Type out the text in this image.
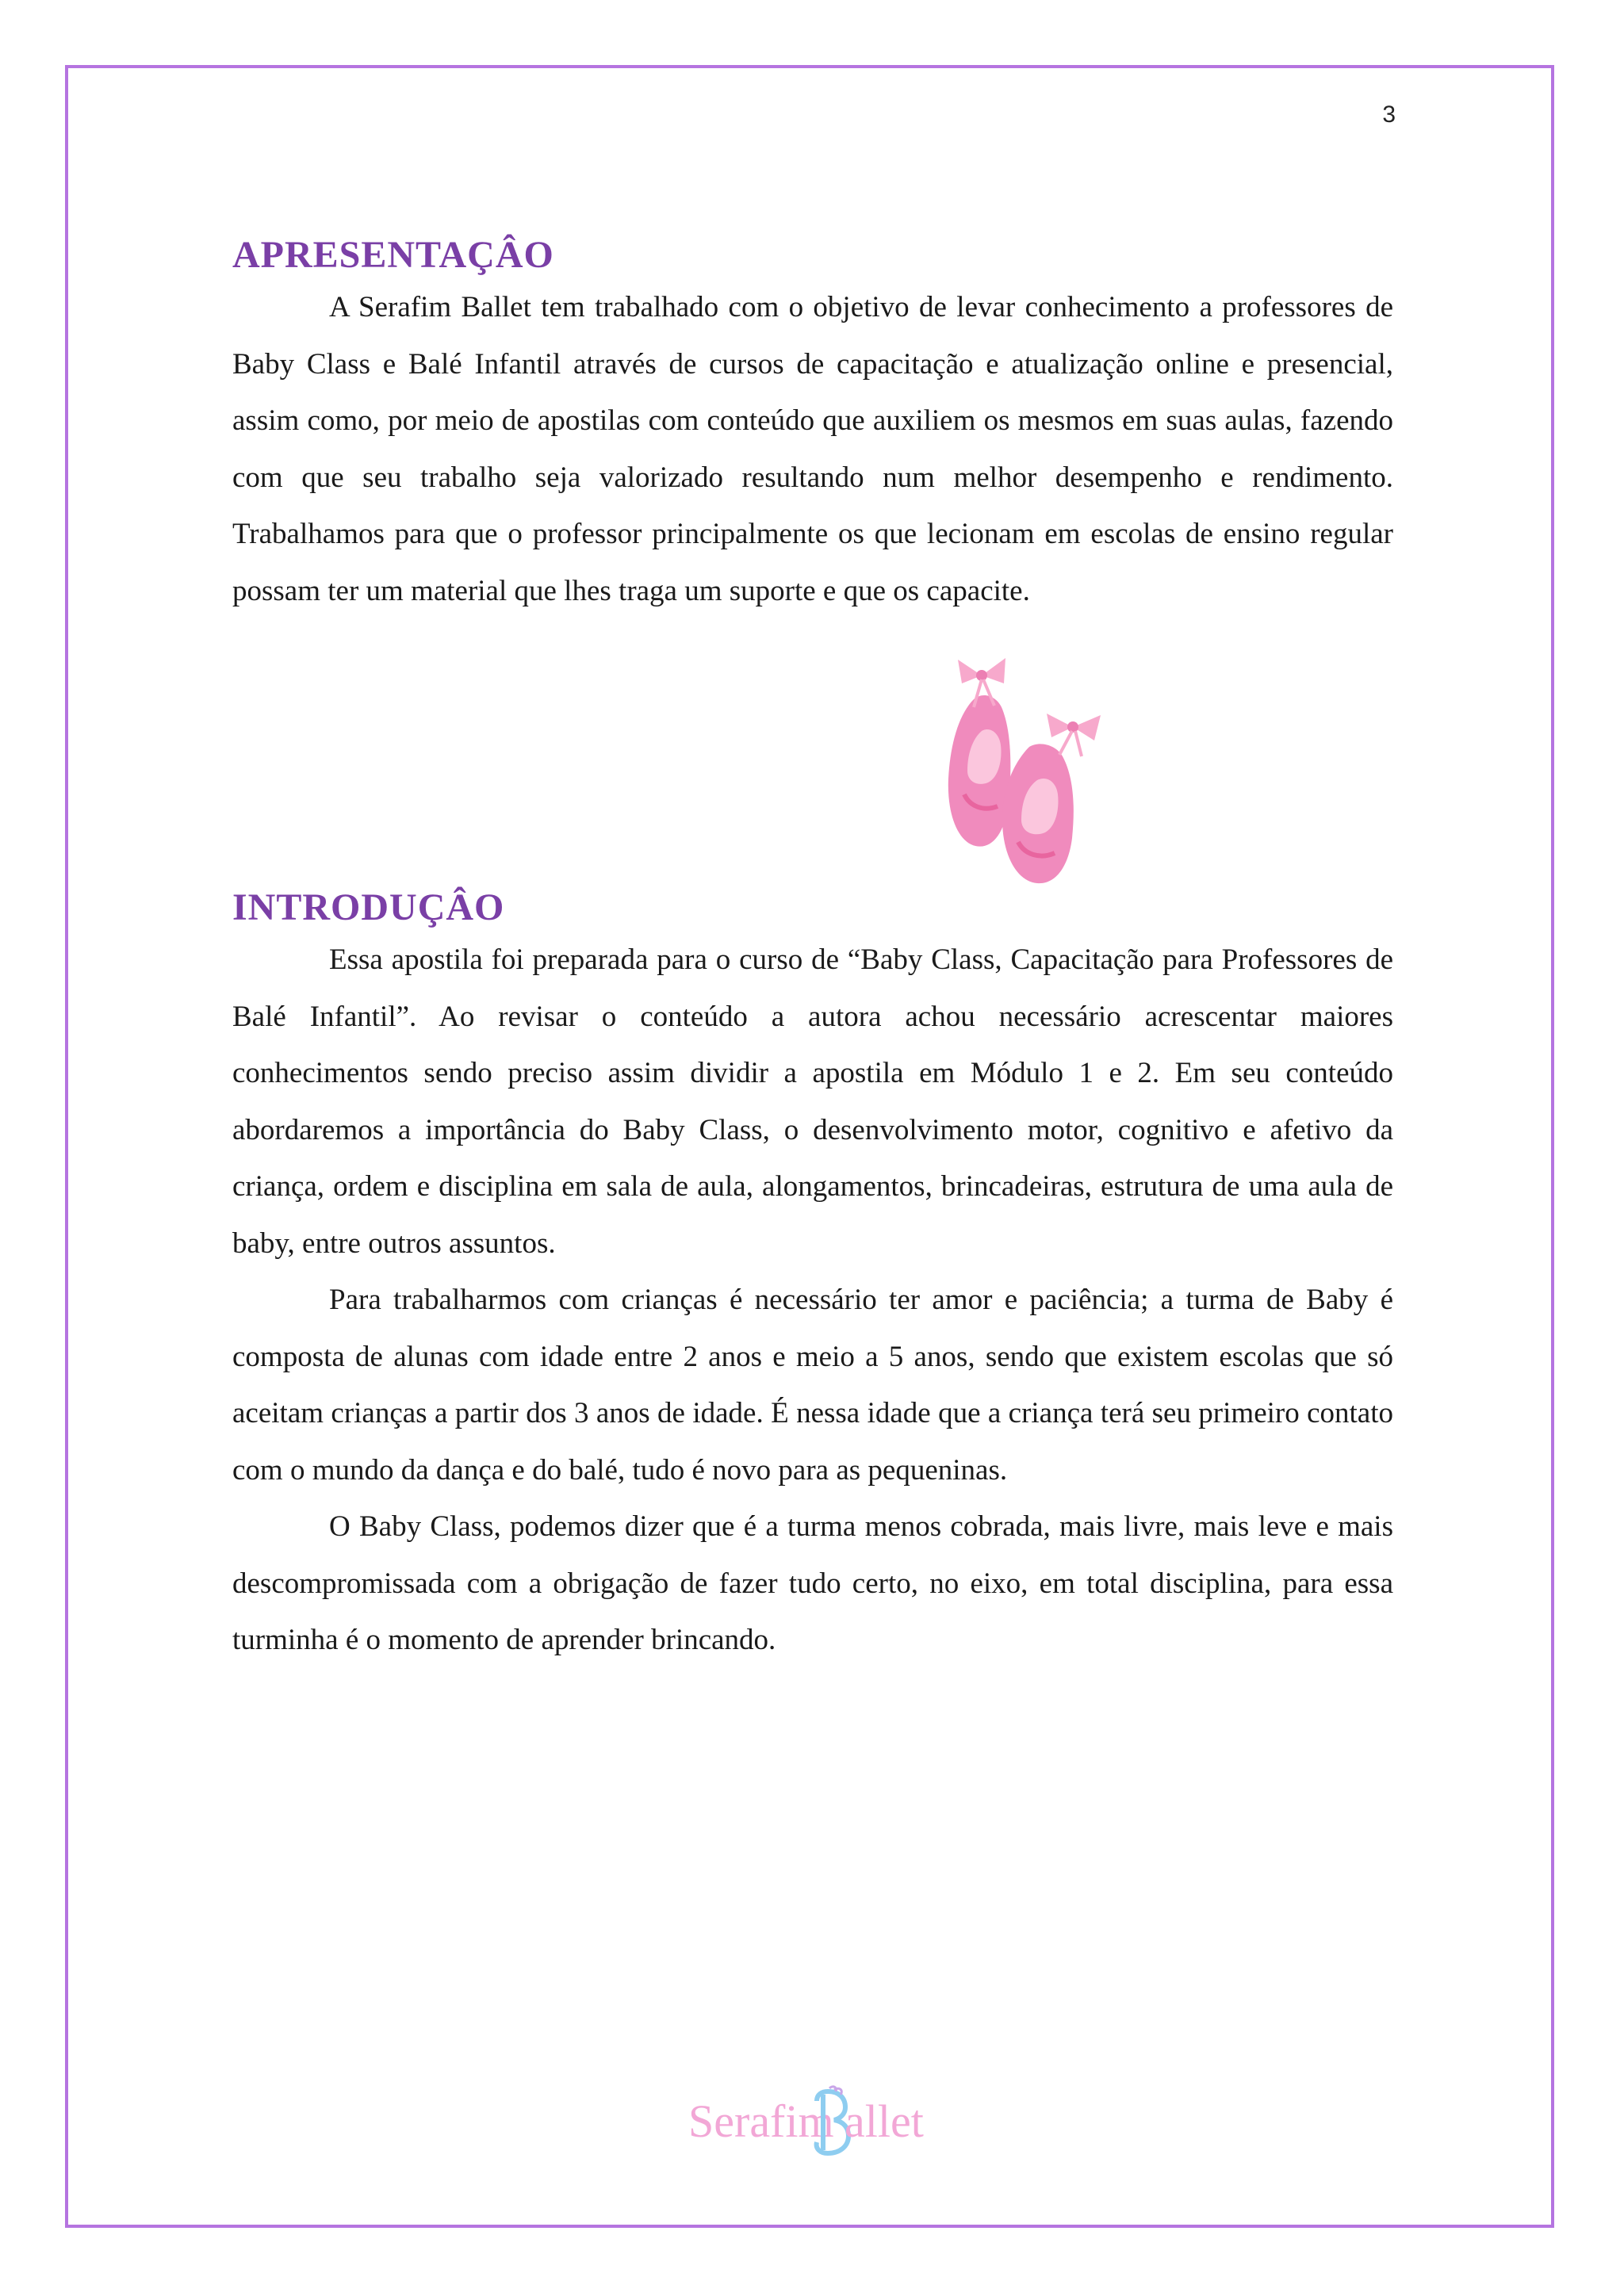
3
APRESENTAÇÂO

A Serafim Ballet tem trabalhado com o objetivo de levar conhecimento a professores de Baby Class e Balé Infantil através de cursos de capacitação e atualização online e presencial, assim como, por meio de apostilas com conteúdo que auxiliem os mesmos em suas aulas, fazendo com que seu trabalho seja valorizado resultando num melhor desempenho e rendimento. Trabalhamos para que o professor principalmente os que lecionam em escolas de ensino regular possam ter um material que lhes traga um suporte e que os capacite.

INTRODUÇÂO

Essa apostila foi preparada para o curso de “Baby Class, Capacitação para Professores de Balé Infantil”. Ao revisar o conteúdo a autora achou necessário acrescentar maiores conhecimentos sendo preciso assim dividir a apostila em Módulo 1 e 2. Em seu conteúdo abordaremos a importância do Baby Class, o desenvolvimento motor, cognitivo e afetivo da criança, ordem e disciplina em sala de aula, alongamentos, brincadeiras, estrutura de uma aula de baby, entre outros assuntos.

Para trabalharmos com crianças é necessário ter amor e paciência; a turma de Baby é composta de alunas com idade entre 2 anos e meio a 5 anos, sendo que existem escolas que só aceitam crianças a partir dos 3 anos de idade. É nessa idade que a criança terá seu primeiro contato com o mundo da dança e do balé, tudo é novo para as pequeninas.

O Baby Class, podemos dizer que é a turma menos cobrada, mais livre, mais leve e mais descompromissada com a obrigação de fazer tudo certo, no eixo, em total disciplina, para essa turminha é o momento de aprender brincando.

Serafim allet
